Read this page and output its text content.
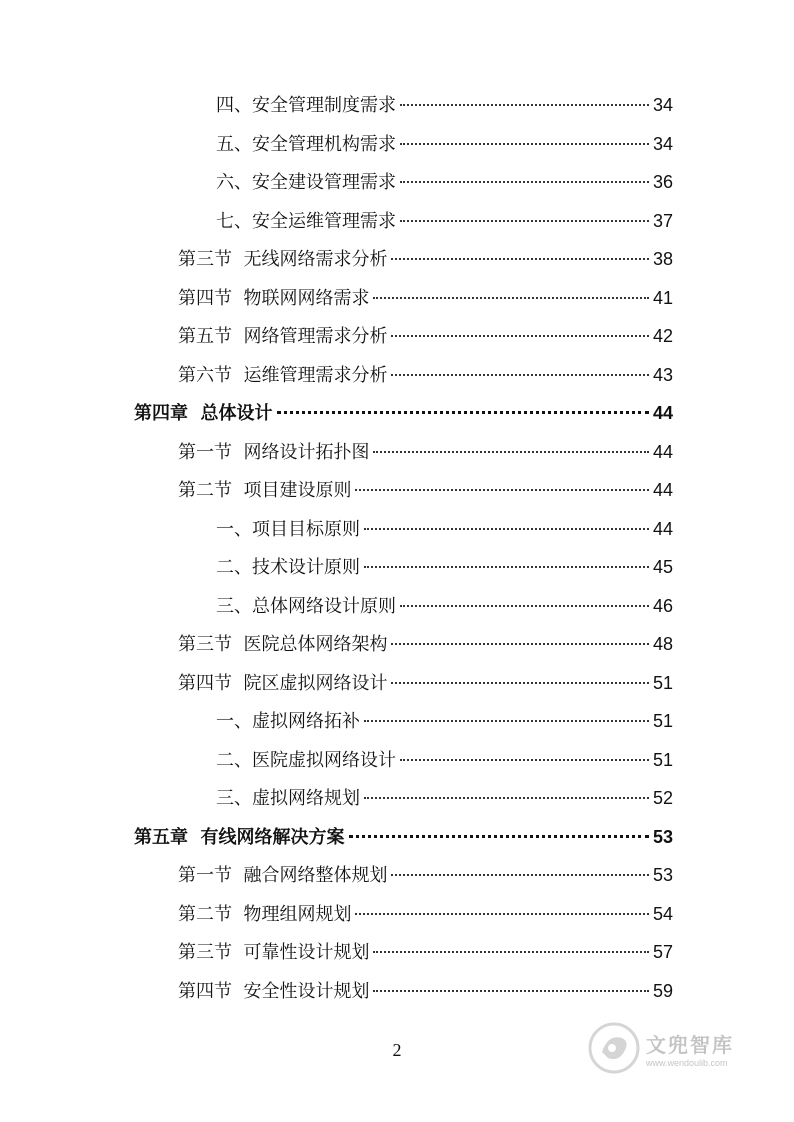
四、安全管理制度需求	34
五、安全管理机构需求	34
六、安全建设管理需求	36
七、安全运维管理需求	37
第三节  无线网络需求分析	38
第四节  物联网网络需求	41
第五节  网络管理需求分析	42
第六节  运维管理需求分析	43
第四章  总体设计	44
第一节  网络设计拓扑图	44
第二节  项目建设原则	44
一、项目目标原则	44
二、技术设计原则	45
三、总体网络设计原则	46
第三节  医院总体网络架构	48
第四节  院区虚拟网络设计	51
一、虚拟网络拓补	51
二、医院虚拟网络设计	51
三、虚拟网络规划	52
第五章  有线网络解决方案	53
第一节  融合网络整体规划	53
第二节  物理组网规划	54
第三节  可靠性设计规划	57
第四节  安全性设计规划	59
2	文兜智库
www.wendoulib.com
